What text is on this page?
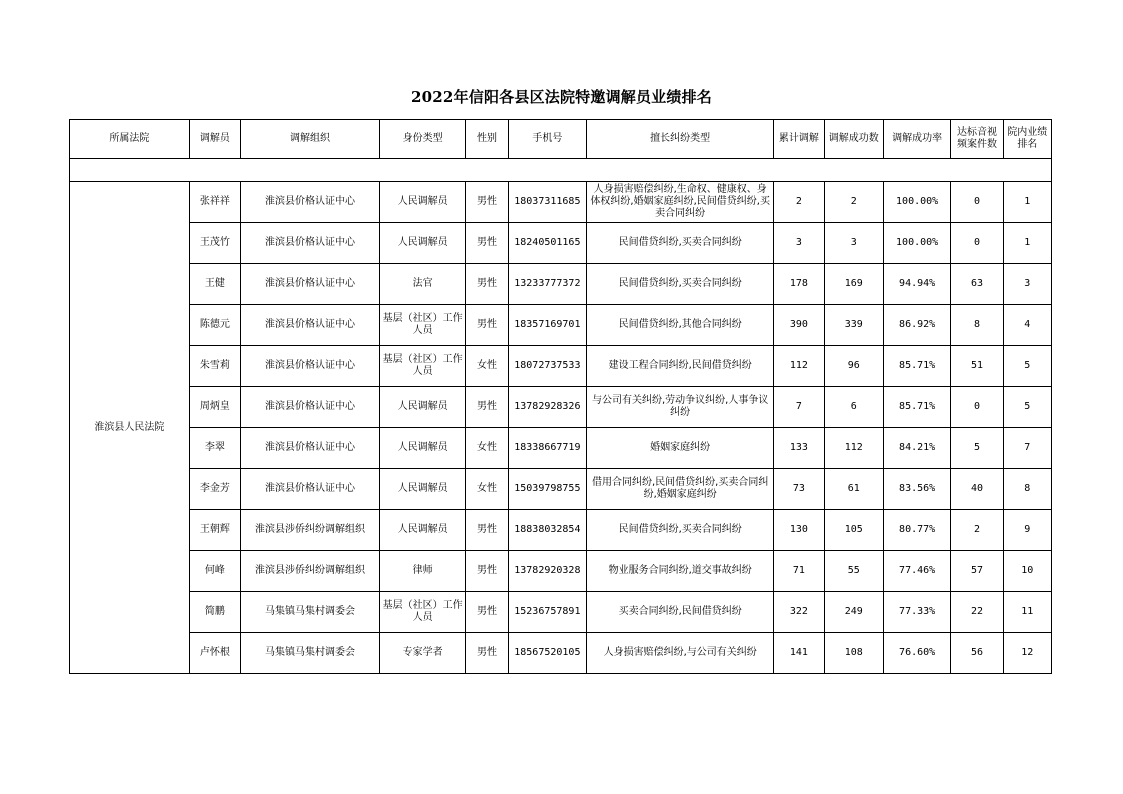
2022年信阳各县区法院特邀调解员业绩排名
所属法院	调解员	调解组织	身份类型	性别	手机号	擅长纠纷类型	累计调解	调解成功数	调解成功率	达标音视频案件数	院内业绩排名

淮滨县人民法院	张祥祥	淮滨县价格认证中心	人民调解员	男性	18037311685	人身损害赔偿纠纷,生命权、健康权、身体权纠纷,婚姻家庭纠纷,民间借贷纠纷,买卖合同纠纷	2	2	100.00%	0	1
	王茂竹	淮滨县价格认证中心	人民调解员	男性	18240501165	民间借贷纠纷,买卖合同纠纷	3	3	100.00%	0	1
	王健	淮滨县价格认证中心	法官	男性	13233777372	民间借贷纠纷,买卖合同纠纷	178	169	94.94%	63	3
	陈德元	淮滨县价格认证中心	基层（社区）工作人员	男性	18357169701	民间借贷纠纷,其他合同纠纷	390	339	86.92%	8	4
	朱雪莉	淮滨县价格认证中心	基层（社区）工作人员	女性	18072737533	建设工程合同纠纷,民间借贷纠纷	112	96	85.71%	51	5
	周炳皇	淮滨县价格认证中心	人民调解员	男性	13782928326	与公司有关纠纷,劳动争议纠纷,人事争议纠纷	7	6	85.71%	0	5
	李翠	淮滨县价格认证中心	人民调解员	女性	18338667719	婚姻家庭纠纷	133	112	84.21%	5	7
	李金芳	淮滨县价格认证中心	人民调解员	女性	15039798755	借用合同纠纷,民间借贷纠纷,买卖合同纠纷,婚姻家庭纠纷	73	61	83.56%	40	8
	王朝辉	淮滨县涉侨纠纷调解组织	人民调解员	男性	18838032854	民间借贷纠纷,买卖合同纠纷	130	105	80.77%	2	9
	何峰	淮滨县涉侨纠纷调解组织	律师	男性	13782920328	物业服务合同纠纷,道交事故纠纷	71	55	77.46%	57	10
	简鹏	马集镇马集村调委会	基层（社区）工作人员	男性	15236757891	买卖合同纠纷,民间借贷纠纷	322	249	77.33%	22	11
	卢怀根	马集镇马集村调委会	专家学者	男性	18567520105	人身损害赔偿纠纷,与公司有关纠纷	141	108	76.60%	56	12
